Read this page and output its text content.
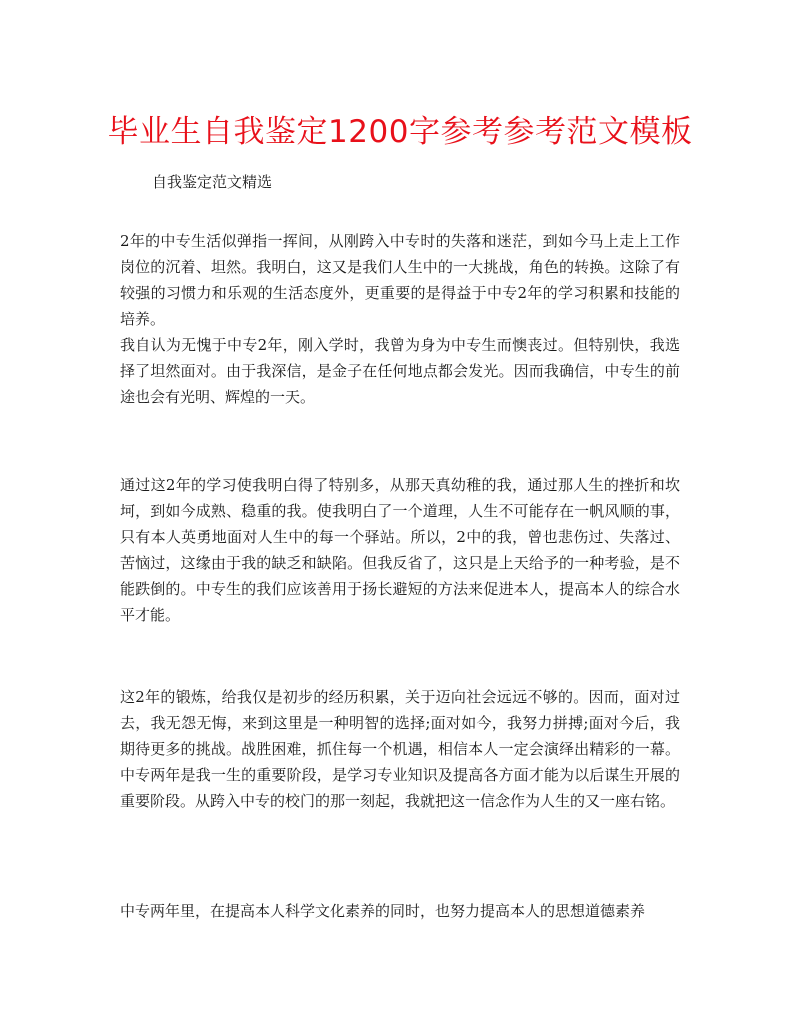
毕业生自我鉴定1200字参考参考范文模板

自我鉴定范文精选

2年的中专生活似弹指一挥间，从刚跨入中专时的失落和迷茫，到如今马上走上工作岗位的沉着、坦然。我明白，这又是我们人生中的一大挑战，角色的转换。这除了有较强的习惯力和乐观的生活态度外，更重要的是得益于中专2年的学习积累和技能的培养。

我自认为无愧于中专2年，刚入学时，我曾为身为中专生而懊丧过。但特别快，我选择了坦然面对。由于我深信，是金子在任何地点都会发光。因而我确信，中专生的前途也会有光明、辉煌的一天。

通过这2年的学习使我明白得了特别多，从那天真幼稚的我，通过那人生的挫折和坎坷，到如今成熟、稳重的我。使我明白了一个道理，人生不可能存在一帆风顺的事，只有本人英勇地面对人生中的每一个驿站。所以，2中的我，曾也悲伤过、失落过、苦恼过，这缘由于我的缺乏和缺陷。但我反省了，这只是上天给予的一种考验，是不能跌倒的。中专生的我们应该善用于扬长避短的方法来促进本人，提高本人的综合水平才能。

这2年的锻炼，给我仅是初步的经历积累，关于迈向社会远远不够的。因而，面对过去，我无怨无悔，来到这里是一种明智的选择;面对如今，我努力拼搏;面对今后，我期待更多的挑战。战胜困难，抓住每一个机遇，相信本人一定会演绎出精彩的一幕。中专两年是我一生的重要阶段，是学习专业知识及提高各方面才能为以后谋生开展的重要阶段。从跨入中专的校门的那一刻起，我就把这一信念作为人生的又一座右铭。

中专两年里，在提高本人科学文化素养的同时，也努力提高本人的思想道德素养
